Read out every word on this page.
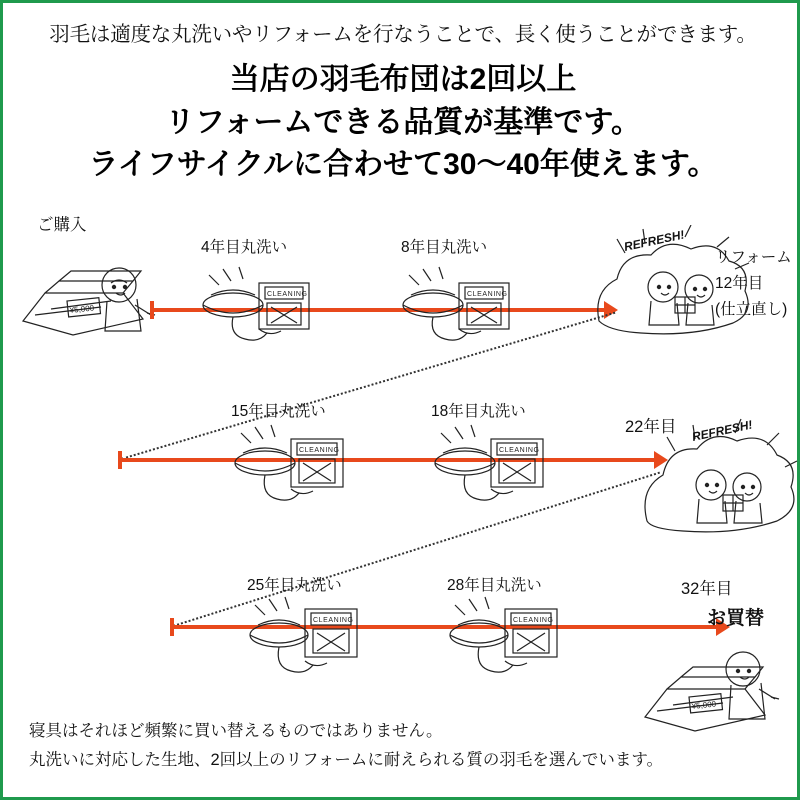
羽毛は適度な丸洗いやリフォームを行なうことで、長く使うことができます。
当店の羽毛布団は2回以上
リフォームできる品質が基準です。
ライフサイクルに合わせて30〜40年使えます。
ご購入
¥5,000
4年目丸洗い
CLEANING
8年目丸洗い
CLEANING
REFRESH!
リフォーム
12年目
(仕立直し)
15年目丸洗い
CLEANING
18年目丸洗い
CLEANING
22年目 REFRESH!
25年目丸洗い
CLEANING
28年目丸洗い
CLEANING
32年目
お買替
¥5,000
寝具はそれほど頻繁に買い替えるものではありません。
丸洗いに対応した生地、2回以上のリフォームに耐えられる質の羽毛を選んでいます。
